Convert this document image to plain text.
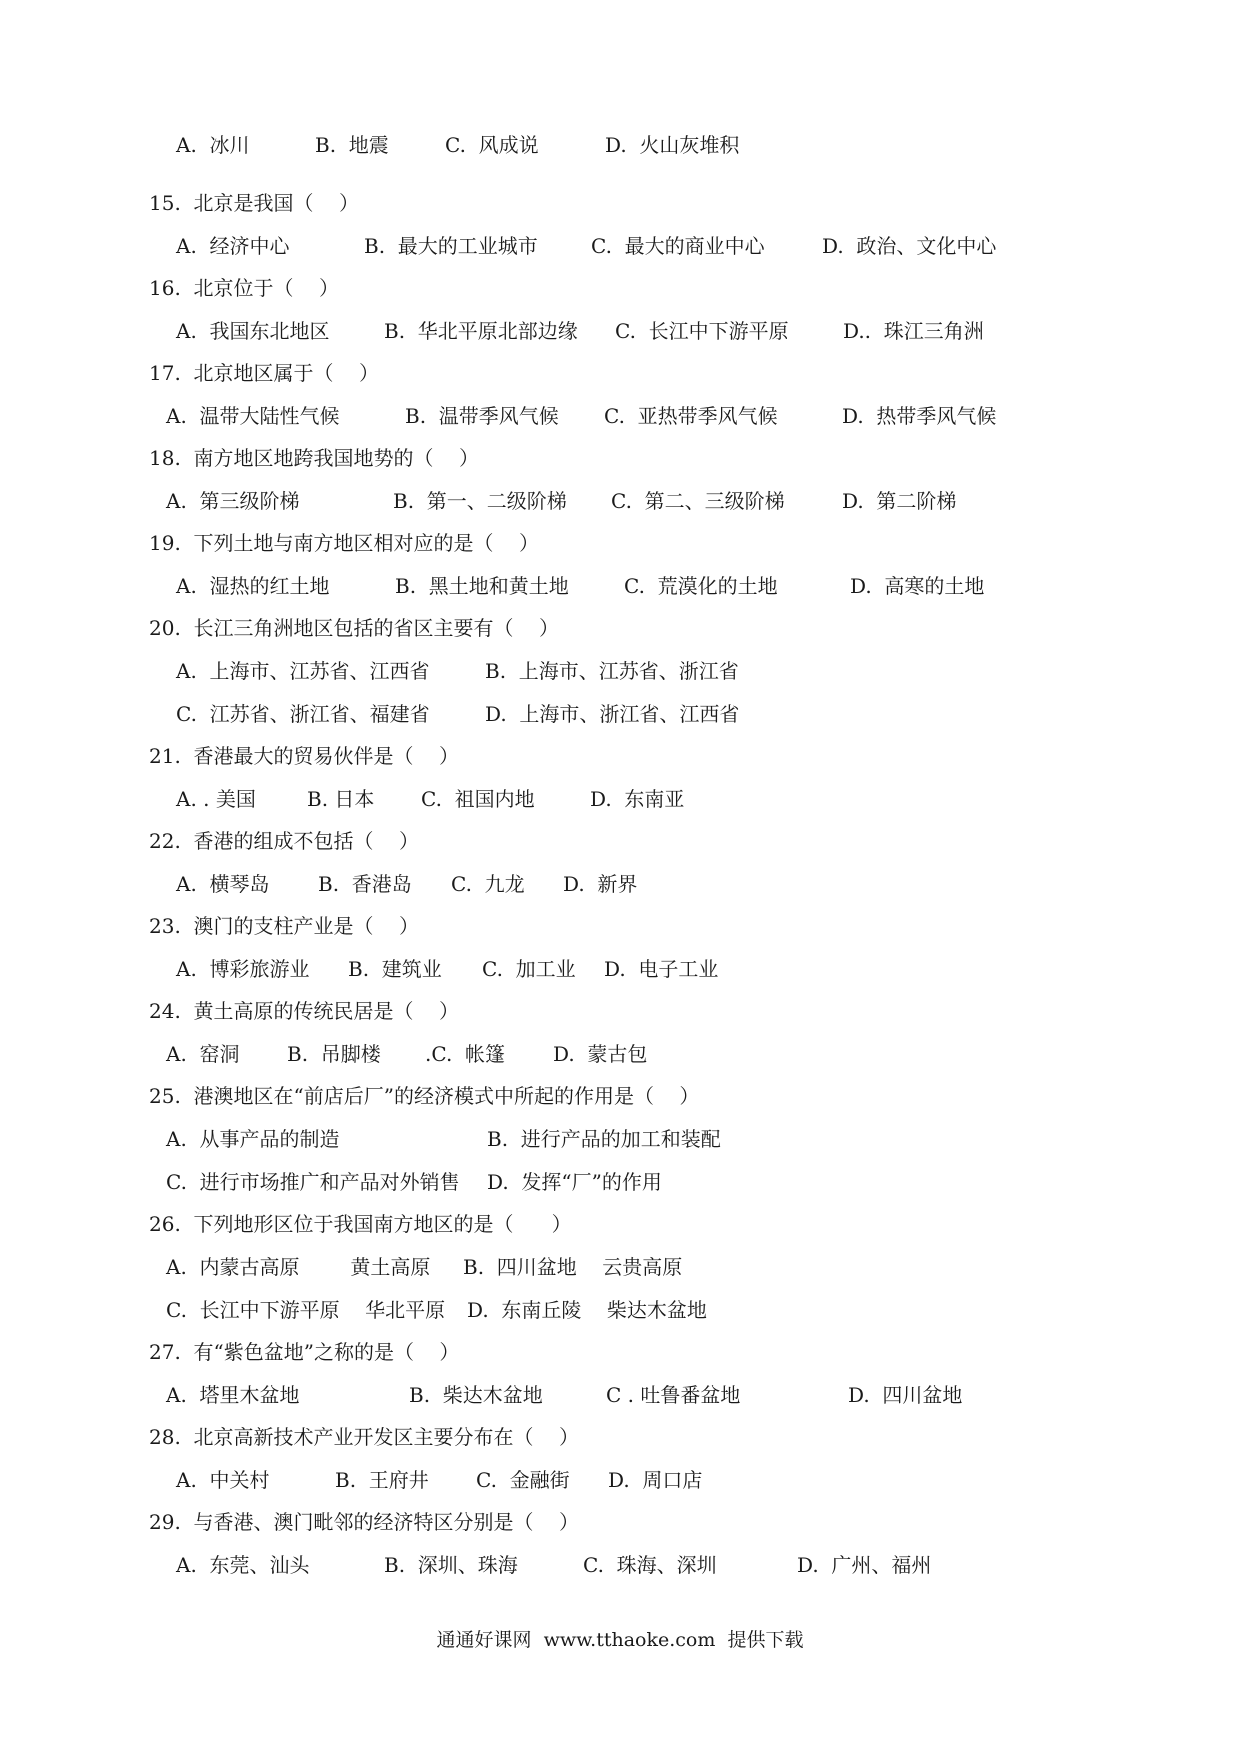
A.  冰川	B.  地震	C.  风成说	D.  火山灰堆积
15.  北京是我国（    ）
A.  经济中心	B.  最大的工业城市	C.  最大的商业中心	D.  政治、文化中心
16.  北京位于（    ）
A.  我国东北地区	B.  华北平原北部边缘 C.  长江中下游平原	D..  珠江三角洲
17.  北京地区属于（    ）
A.  温带大陆性气候	B.  温带季风气候 C.  亚热带季风气候	D.  热带季风气候
18.  南方地区地跨我国地势的（    ）
A.  第三级阶梯	B.  第一、二级阶梯 C.  第二、三级阶梯	D.  第二阶梯
19.  下列土地与南方地区相对应的是（    ）
A.  湿热的红土地	B.  黑土地和黄土地	C.  荒漠化的土地	D.  高寒的土地
20.  长江三角洲地区包括的省区主要有（    ）
A.  上海市、江苏省、江西省	B.  上海市、江苏省、浙江省
C.  江苏省、浙江省、福建省	D.  上海市、浙江省、江西省
21.  香港最大的贸易伙伴是（    ）
A. . 美国	B. 日本 C.  祖国内地	D.  东南亚
22.  香港的组成不包括（    ）
A.  横琴岛 B.  香港岛 C.  九龙 D.  新界
23.  澳门的支柱产业是（    ）
A.  博彩旅游业 B.  建筑业 C.  加工业 D.  电子工业
24.  黄土高原的传统民居是（    ）
A.  窑洞 B.  吊脚楼 .C.  帐篷 D.  蒙古包
25.  港澳地区在“前店后厂”的经济模式中所起的作用是（    ）
A.  从事产品的制造	B.  进行产品的加工和装配
C.  进行市场推广和产品对外销售 D.  发挥“厂”的作用
26.  下列地形区位于我国南方地区的是（      ）
A.  内蒙古高原        黄土高原 B.  四川盆地    云贵高原
C.  长江中下游平原    华北平原 D.  东南丘陵    柴达木盆地
27.  有“紫色盆地”之称的是（    ）
A.  塔里木盆地	B.  柴达木盆地	C . 吐鲁番盆地	D.  四川盆地
28.  北京高新技术产业开发区主要分布在（    ）
A.  中关村	B.  王府井 C.  金融街 D.  周口店
29.  与香港、澳门毗邻的经济特区分别是（    ）
A.  东莞、汕头	B.  深圳、珠海	C.  珠海、深圳	D.  广州、福州
通通好课网  www.tthaoke.com  提供下载
